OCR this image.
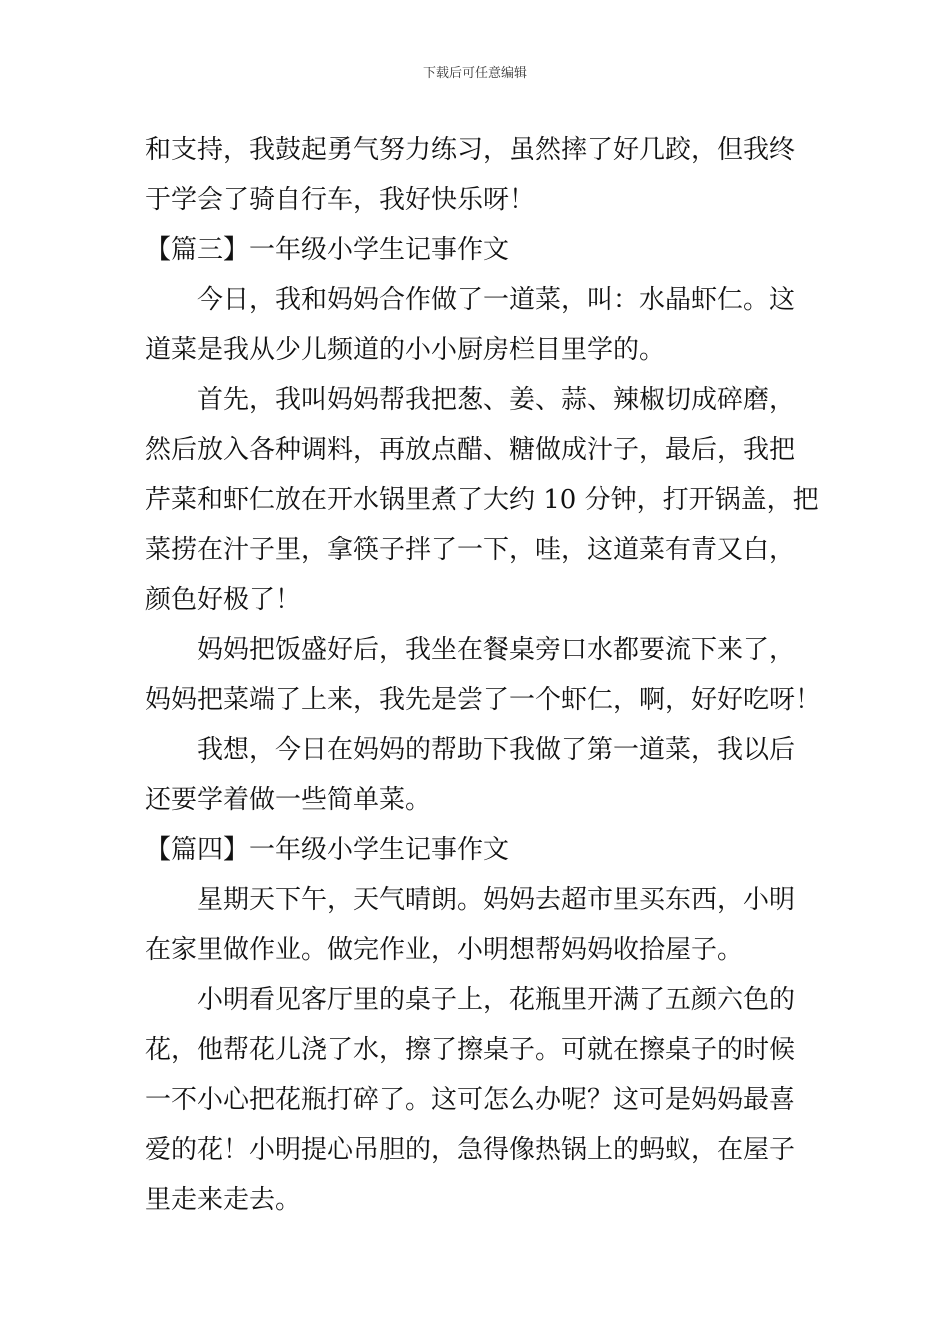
下载后可任意编辑
和支持，我鼓起勇气努力练习，虽然摔了好几跤，但我终
于学会了骑自行车，我好快乐呀！
【篇三】一年级小学生记事作文
今日，我和妈妈合作做了一道菜，叫：水晶虾仁。这
道菜是我从少儿频道的小小厨房栏目里学的。
首先，我叫妈妈帮我把葱、姜、蒜、辣椒切成碎磨，
然后放入各种调料，再放点醋、糖做成汁子，最后，我把
芹菜和虾仁放在开水锅里煮了大约 10 分钟，打开锅盖，把
菜捞在汁子里，拿筷子拌了一下，哇，这道菜有青又白，
颜色好极了！
妈妈把饭盛好后，我坐在餐桌旁口水都要流下来了，
妈妈把菜端了上来，我先是尝了一个虾仁，啊，好好吃呀！
我想，今日在妈妈的帮助下我做了第一道菜，我以后
还要学着做一些简单菜。
【篇四】一年级小学生记事作文
星期天下午，天气晴朗。妈妈去超市里买东西，小明
在家里做作业。做完作业，小明想帮妈妈收拾屋子。
小明看见客厅里的桌子上，花瓶里开满了五颜六色的
花，他帮花儿浇了水，擦了擦桌子。可就在擦桌子的时候
一不小心把花瓶打碎了。这可怎么办呢？这可是妈妈最喜
爱的花！小明提心吊胆的，急得像热锅上的蚂蚁，在屋子
里走来走去。
